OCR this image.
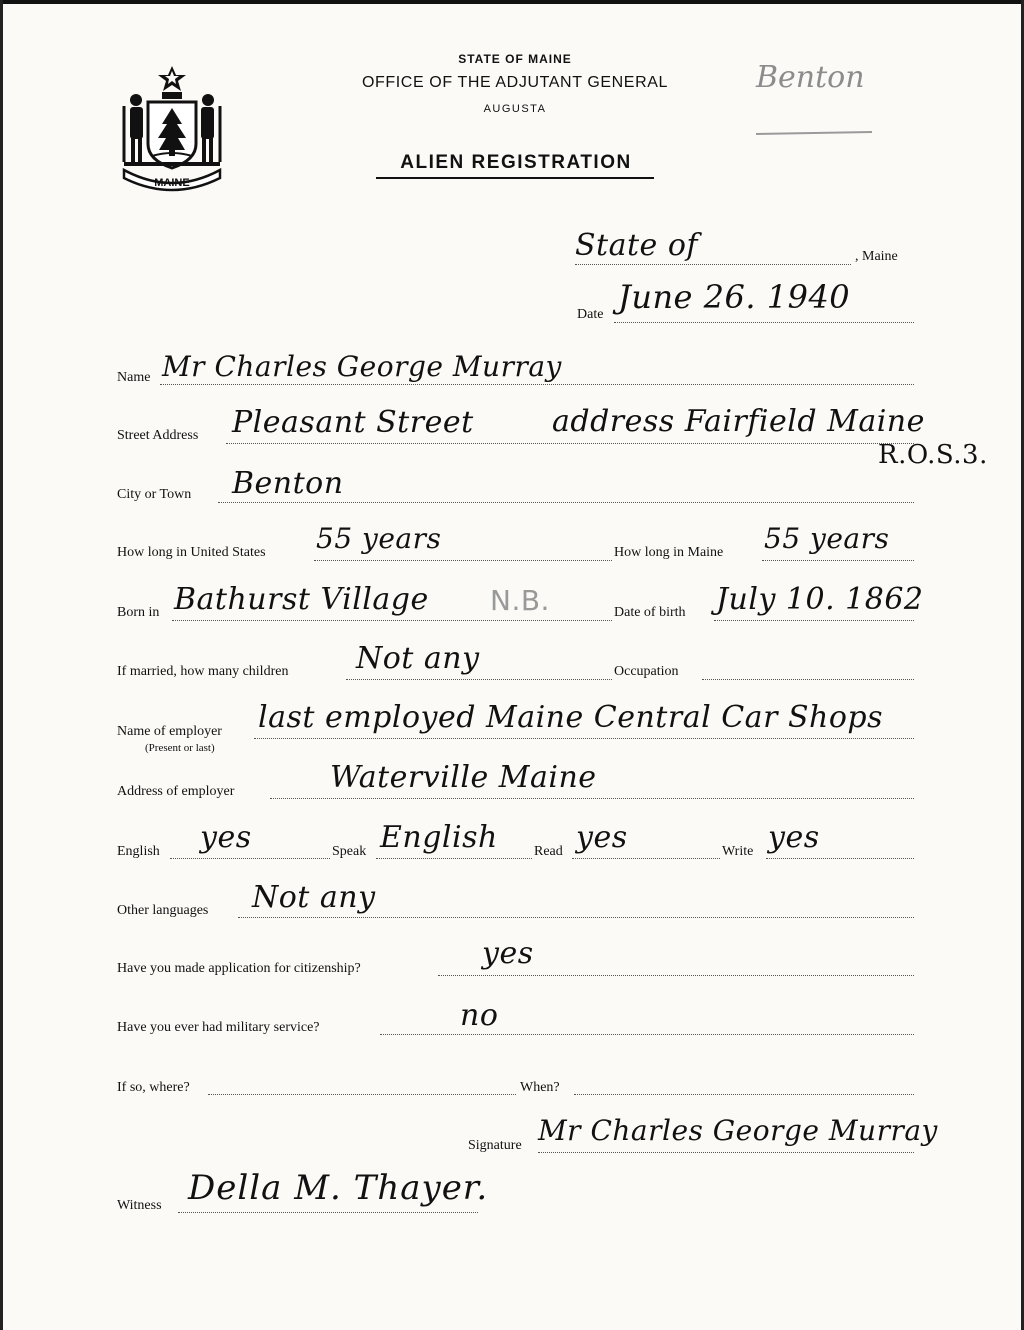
MAINE
STATE OF MAINE
OFFICE OF THE ADJUTANT GENERAL
AUGUSTA
ALIEN REGISTRATION
Benton
State of	, Maine
Date June 26. 1940
Name Mr Charles George Murray
Street Address Pleasant Street	address Fairfield Maine
R.O.S.3.
City or Town Benton
How long in United States 55 years	How long in Maine 55 years
Born in Bathurst Village N.B.	Date of birth July 10. 1862
If married, how many children Not any	Occupation
Name of employer
(Present or last)
last employed Maine Central Car Shops
Address of employer	Waterville Maine
English yes	Speak English	Read yes	Write yes
Other languages Not any
Have you made application for citizenship?	yes
Have you ever had military service?	no
If so, where?	When?
Signature Mr Charles George Murray
Witness Della M. Thayer.
